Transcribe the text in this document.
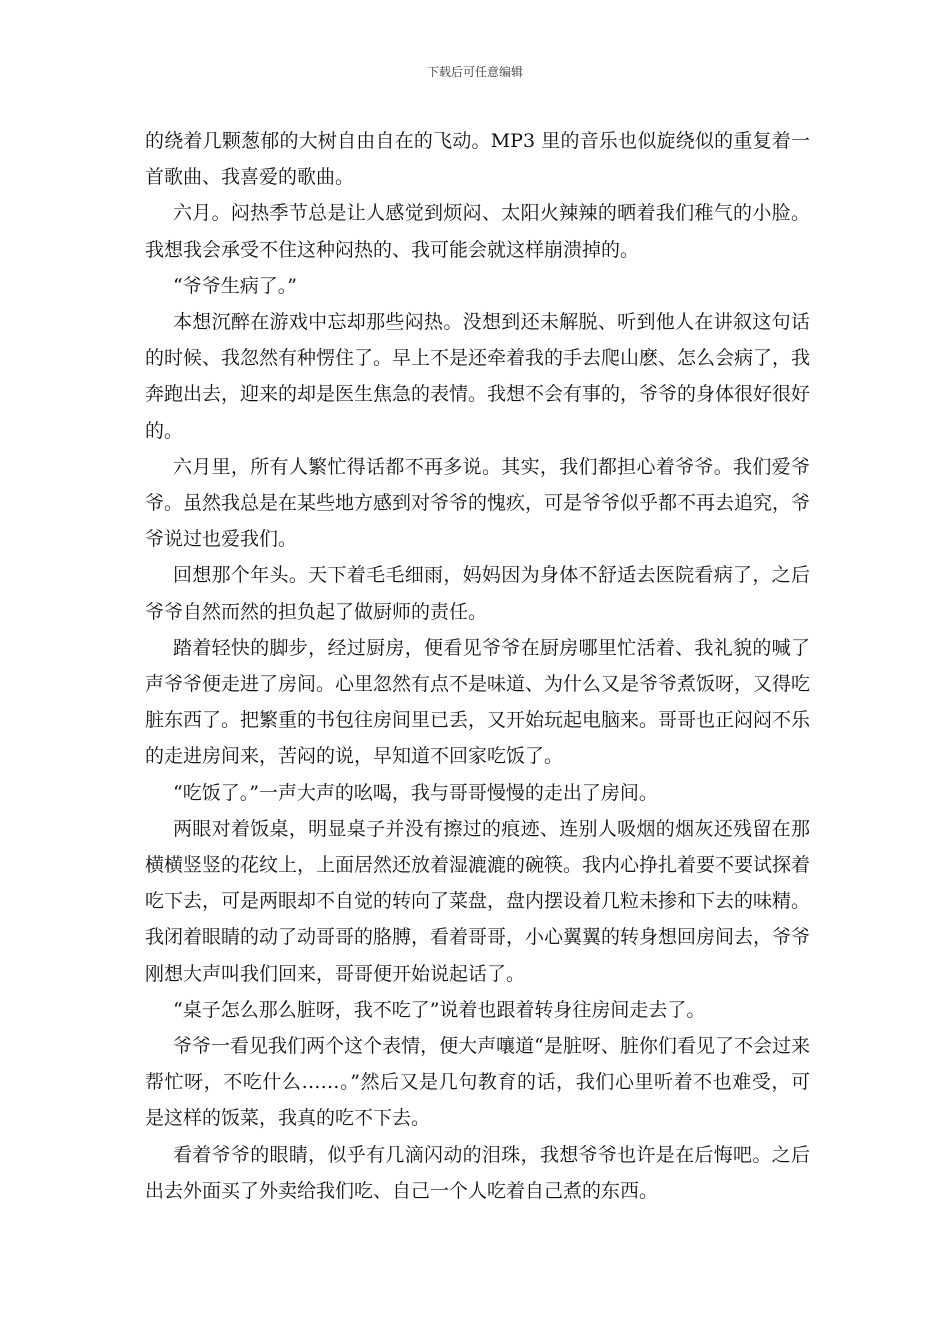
下载后可任意编辑

的绕着几颗葱郁的大树自由自在的飞动。MP3 里的音乐也似旋绕似的重复着一首歌曲、我喜爱的歌曲。

六月。闷热季节总是让人感觉到烦闷、太阳火辣辣的晒着我们稚气的小脸。我想我会承受不住这种闷热的、我可能会就这样崩溃掉的。

“爷爷生病了。”

本想沉醉在游戏中忘却那些闷热。没想到还未解脱、听到他人在讲叙这句话的时候、我忽然有种愣住了。早上不是还牵着我的手去爬山麽、怎么会病了，我奔跑出去，迎来的却是医生焦急的表情。我想不会有事的，爷爷的身体很好很好的。

六月里，所有人繁忙得话都不再多说。其实，我们都担心着爷爷。我们爱爷爷。虽然我总是在某些地方感到对爷爷的愧疚，可是爷爷似乎都不再去追究，爷爷说过也爱我们。

回想那个年头。天下着毛毛细雨，妈妈因为身体不舒适去医院看病了，之后爷爷自然而然的担负起了做厨师的责任。

踏着轻快的脚步，经过厨房，便看见爷爷在厨房哪里忙活着、我礼貌的喊了声爷爷便走进了房间。心里忽然有点不是味道、为什么又是爷爷煮饭呀，又得吃脏东西了。把繁重的书包往房间里已丢，又开始玩起电脑来。哥哥也正闷闷不乐的走进房间来，苦闷的说，早知道不回家吃饭了。

“吃饭了。”一声大声的吆喝，我与哥哥慢慢的走出了房间。

两眼对着饭桌，明显桌子并没有擦过的痕迹、连别人吸烟的烟灰还残留在那横横竖竖的花纹上，上面居然还放着湿漉漉的碗筷。我内心挣扎着要不要试探着吃下去，可是两眼却不自觉的转向了菜盘，盘内摆设着几粒未掺和下去的味精。我闭着眼睛的动了动哥哥的胳膊，看着哥哥，小心翼翼的转身想回房间去，爷爷刚想大声叫我们回来，哥哥便开始说起话了。

“桌子怎么那么脏呀，我不吃了”说着也跟着转身往房间走去了。

爷爷一看见我们两个这个表情，便大声嚷道“是脏呀、脏你们看见了不会过来帮忙呀，不吃什么……。”然后又是几句教育的话，我们心里听着不也难受，可是这样的饭菜，我真的吃不下去。

看着爷爷的眼睛，似乎有几滴闪动的泪珠，我想爷爷也许是在后悔吧。之后出去外面买了外卖给我们吃、自己一个人吃着自己煮的东西。
